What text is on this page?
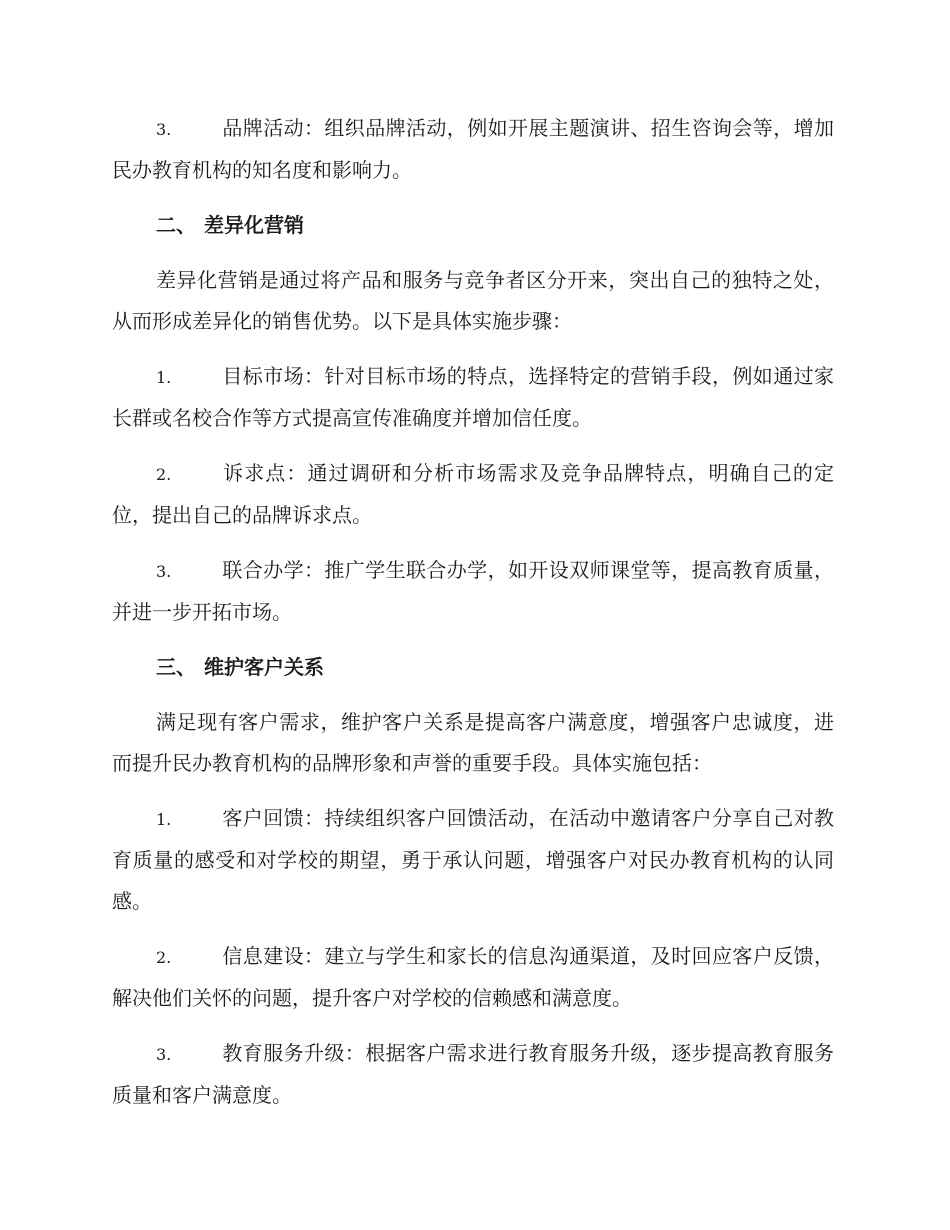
3.	品牌活动：组织品牌活动，例如开展主题演讲、招生咨询会等，增加民办教育机构的知名度和影响力。

二、 差异化营销

差异化营销是通过将产品和服务与竞争者区分开来，突出自己的独特之处，从而形成差异化的销售优势。以下是具体实施步骤：

1.	目标市场：针对目标市场的特点，选择特定的营销手段，例如通过家长群或名校合作等方式提高宣传准确度并增加信任度。

2.	诉求点：通过调研和分析市场需求及竞争品牌特点，明确自己的定位，提出自己的品牌诉求点。

3.	联合办学：推广学生联合办学，如开设双师课堂等，提高教育质量，并进一步开拓市场。

三、 维护客户关系

满足现有客户需求，维护客户关系是提高客户满意度，增强客户忠诚度，进而提升民办教育机构的品牌形象和声誉的重要手段。具体实施包括：

1.	客户回馈：持续组织客户回馈活动，在活动中邀请客户分享自己对教育质量的感受和对学校的期望，勇于承认问题，增强客户对民办教育机构的认同感。

2.	信息建设：建立与学生和家长的信息沟通渠道，及时回应客户反馈，解决他们关怀的问题，提升客户对学校的信赖感和满意度。

3.	教育服务升级：根据客户需求进行教育服务升级，逐步提高教育服务质量和客户满意度。
